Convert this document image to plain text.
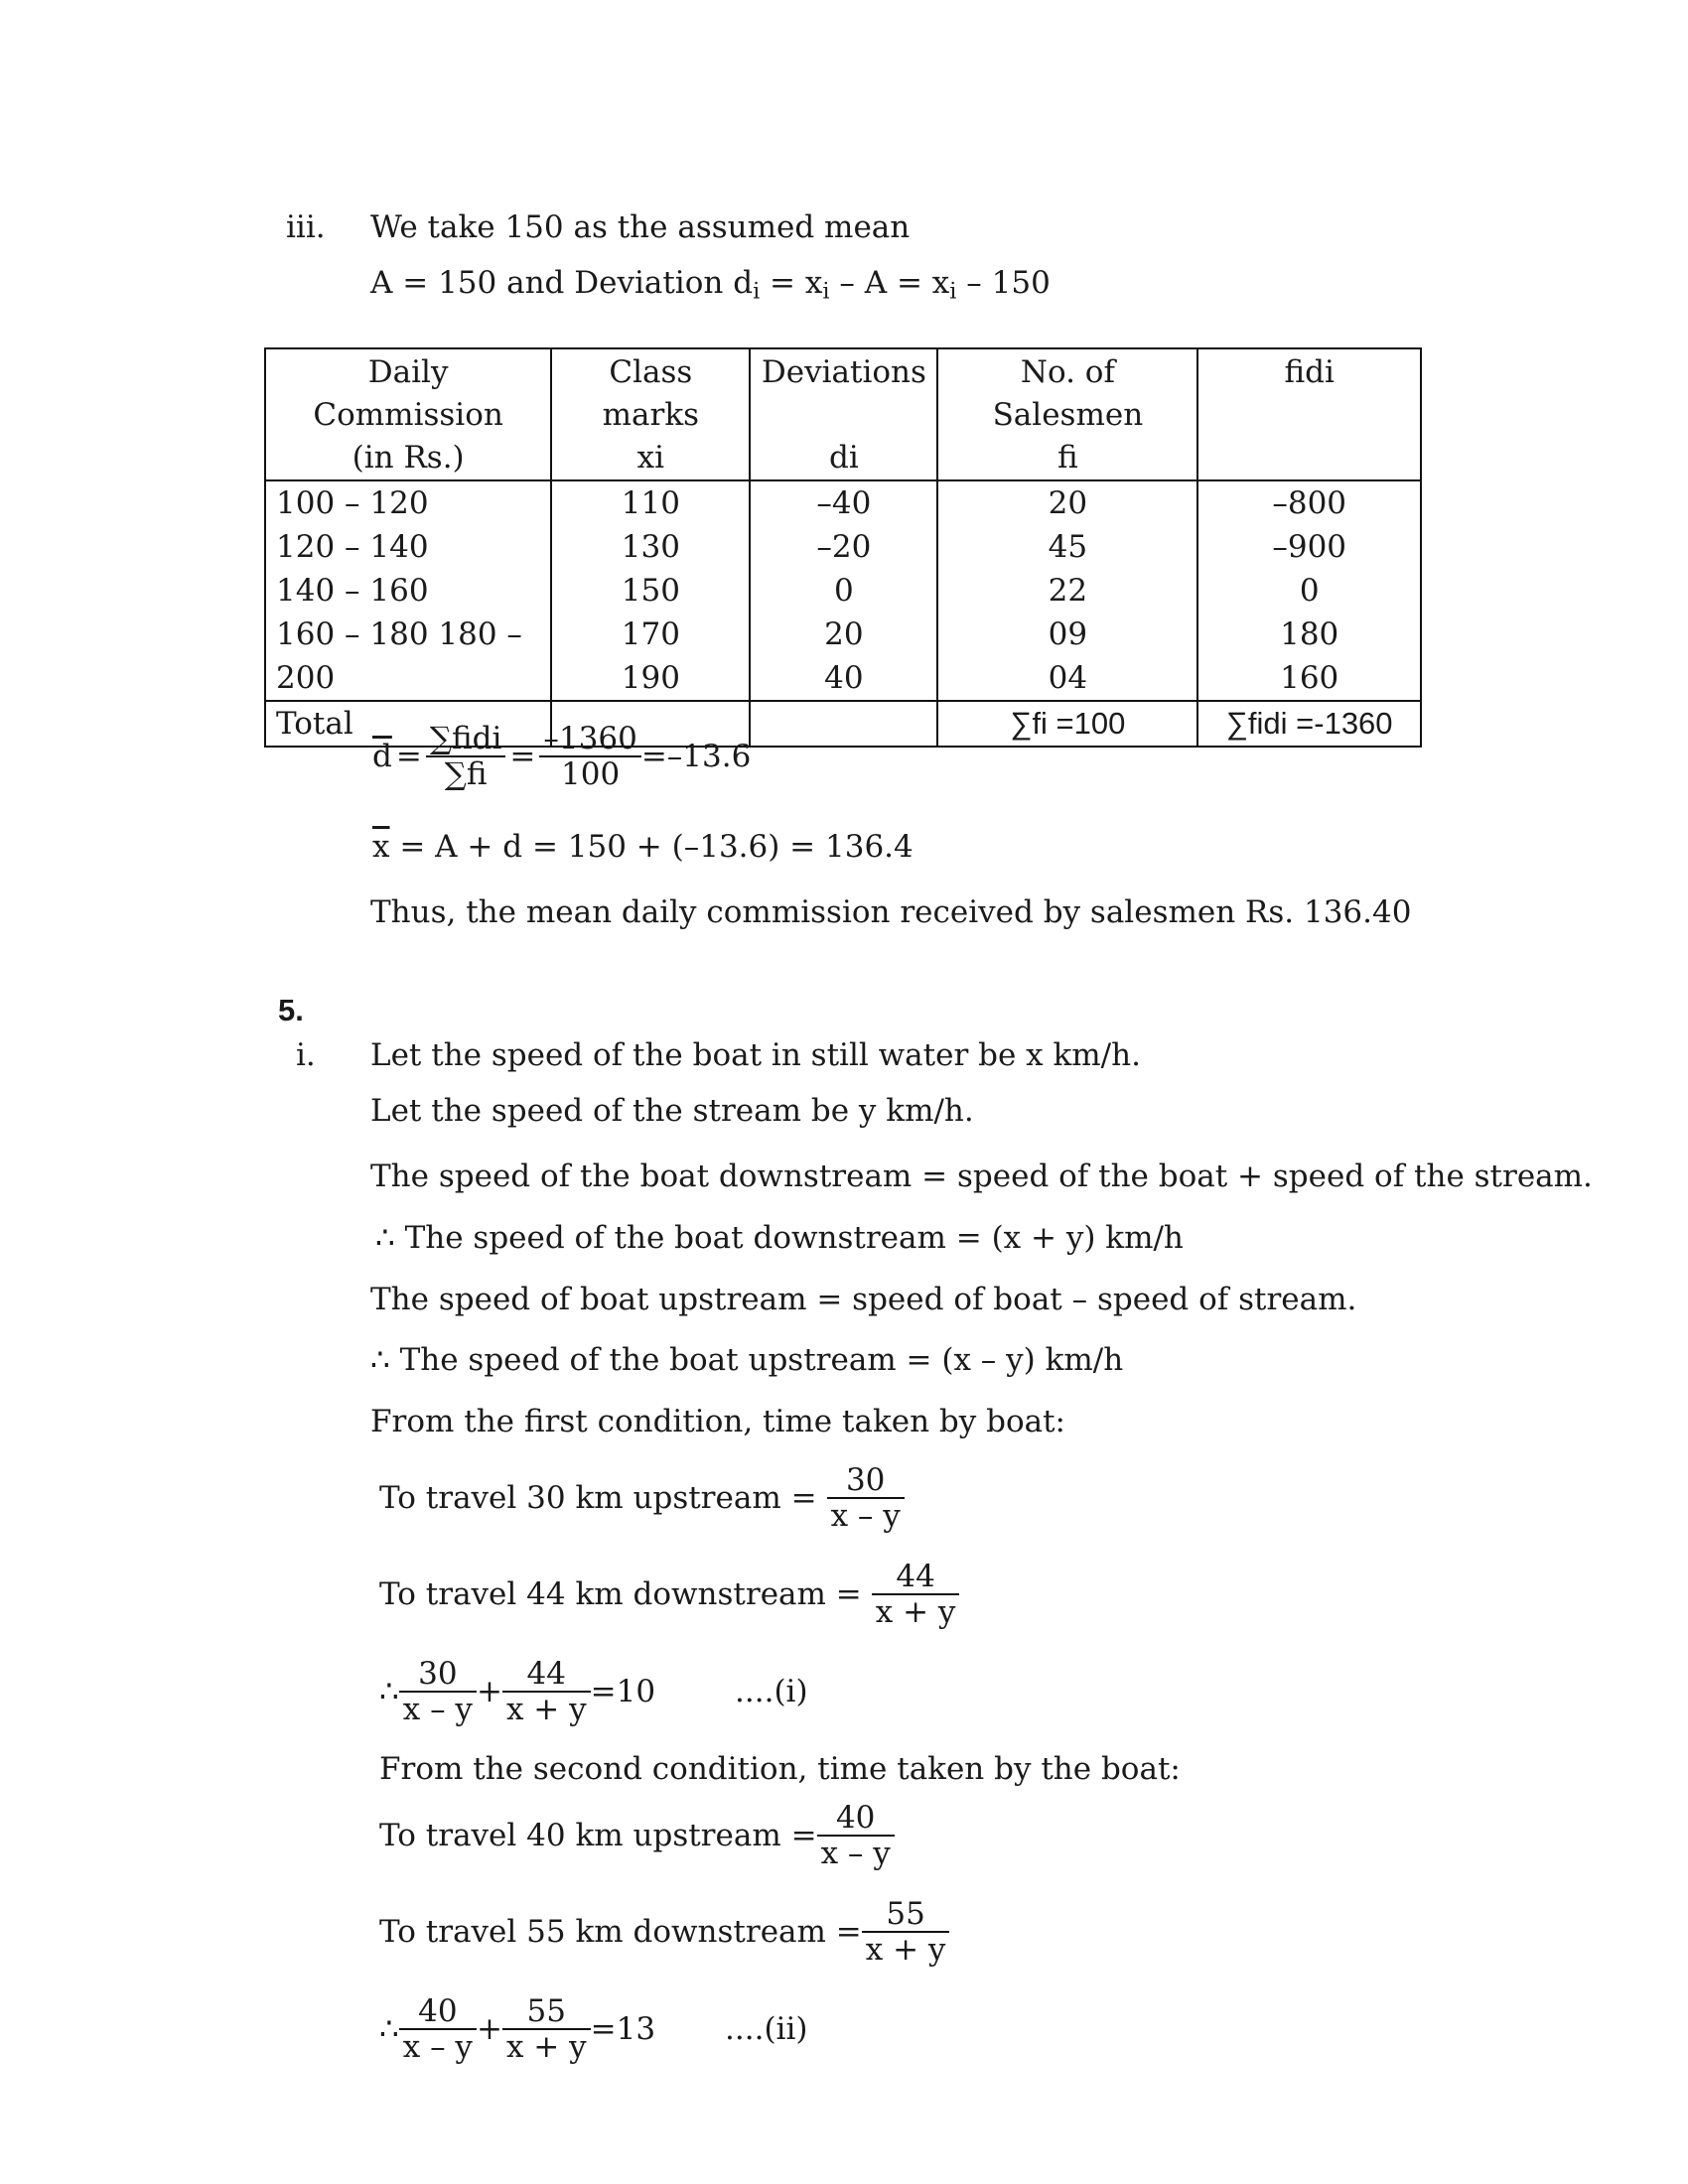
iii. We take 150 as the assumed mean
A = 150 and Deviation $d_i = x_i - A = x_i - 150$
Daily Commission	Class marks	Deviations	No. of Salesmen	fidi
(in Rs.)	xi	di	fi	
100 – 120	110	–40	20	–800
120 – 140	130	–20	45	–900
140 – 160	150	0	22	0
160 – 180 180 –	170	20	09	180
200	190	40	04	160
Total			∑fi =100	∑fidi =-1360
$\overline{d} = \frac{\text{∑fidi}}{\sum fi} = \frac{-1360}{100} =-13.6$
$\overline{x} = A + d = 150 + (-13.6) = 136.4$
Thus, the mean daily commission received by salesmen Rs. 136.40
5.
i. Let the speed of the boat in still water be x km/h.
Let the speed of the stream be y km/h.
The speed of the boat downstream = speed of the boat + speed of the stream.
∴ The speed of the boat downstream = (x + y) km/h
The speed of boat upstream = speed of boat – speed of stream.
∴ The speed of the boat upstream = (x – y) km/h
From the first condition, time taken by boat:
To travel 30 km upstream = $\frac{30}{x - y}$
To travel 44 km downstream = $\frac{44}{x + y}$
∴ $\frac{30}{x - y} + \frac{44}{x + y} =10$	....(i)
From the second condition, time taken by the boat:
To travel 40 km upstream = $\frac{40}{x - y}$
To travel 55 km downstream = $\frac{55}{x + y}$
∴ $\frac{40}{x - y} + \frac{55}{x + y} =13$ ....(ii)
